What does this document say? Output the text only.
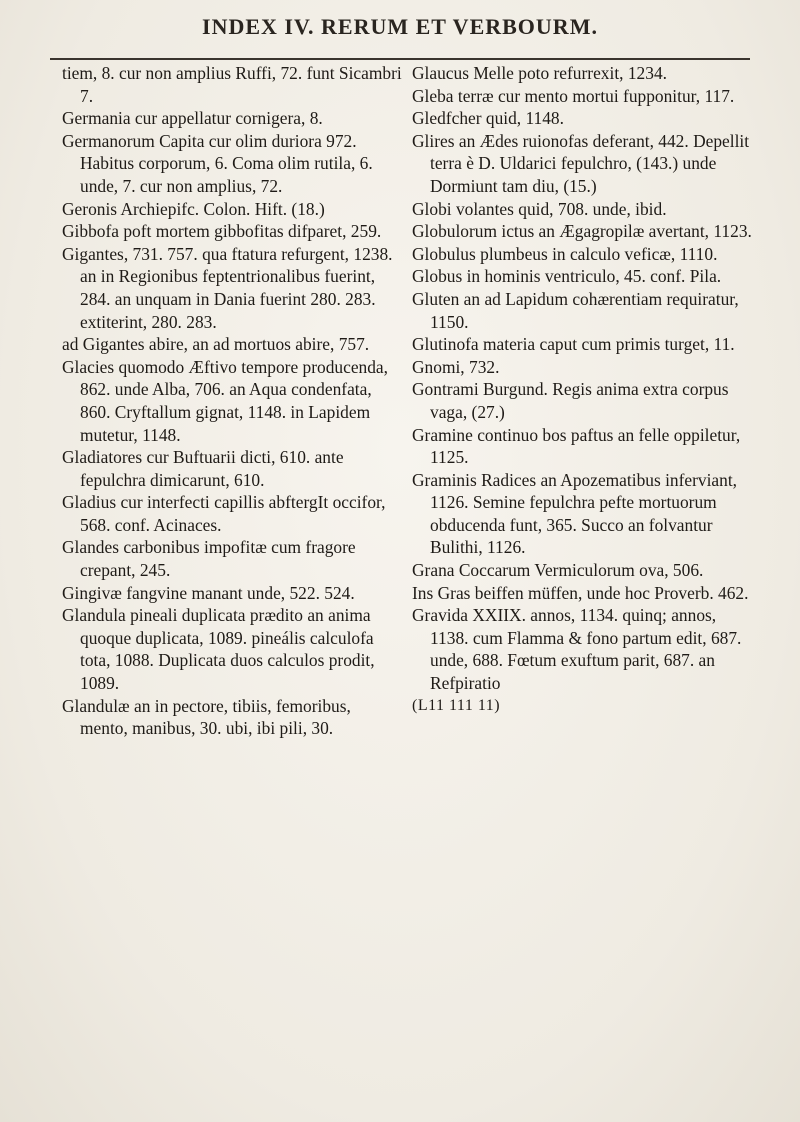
INDEX IV. RERUM ET VERBOURM.

tiem, 8. cur non amplius Ruffi, 72. funt Sicambri 7.

Germania cur appellatur cornigera, 8.

Germanorum Capita cur olim duriora 972. Habitus corporum, 6. Coma olim rutila, 6. unde, 7. cur non amplius, 72.

Geronis Archiepifc. Colon. Hift. (18.)

Gibbofa poft mortem gibbofitas difparet, 259.

Gigantes, 731. 757. qua ftatura refurgent, 1238. an in Regionibus feptentrionalibus fuerint, 284. an unquam in Dania fuerint 280. 283. extiterint, 280. 283.

ad Gigantes abire, an ad mortuos abire, 757.

Glacies quomodo Æftivo tempore producenda, 862. unde Alba, 706. an Aqua condenfata, 860. Cryftallum gignat, 1148. in Lapidem mutetur, 1148.

Gladiatores cur Buftuarii dicti, 610. ante fepulchra dimicarunt, 610.

Gladius cur interfecti capillis abftergIt occifor, 568. conf. Acinaces.

Glandes carbonibus impofitæ cum fragore crepant, 245.

Gingivæ fangvine manant unde, 522. 524.

Glandula pineali duplicata prædito an anima quoque duplicata, 1089. pineális calculofa tota, 1088. Duplicata duos calculos prodit, 1089.

Glandulæ an in pectore, tibiis, femoribus, mento, manibus, 30. ubi, ibi pili, 30.

Glaucus Melle poto refurrexit, 1234.

Gleba terræ cur mento mortui fupponitur, 117.

Gledfcher quid, 1148.

Glires an Ædes ruionofas deferant, 442. Depellit terra è D. Uldarici fepulchro, (143.) unde Dormiunt tam diu, (15.)

Globi volantes quid, 708. unde, ibid.

Globulorum ictus an Ægagropilæ avertant, 1123.

Globulus plumbeus in calculo veficæ, 1110.

Globus in hominis ventriculo, 45. conf. Pila.

Gluten an ad Lapidum cohærentiam requiratur, 1150.

Glutinofa materia caput cum primis turget, 11.

Gnomi, 732.

Gontrami Burgund. Regis anima extra corpus vaga, (27.)

Gramine continuo bos paftus an felle oppiletur, 1125.

Graminis Radices an Apozematibus inferviant, 1126. Semine fepulchra pefte mortuorum obducenda funt, 365. Succo an folvantur Bulithi, 1126.

Grana Coccarum Vermiculorum ova, 506.

Ins Gras beiffen müffen, unde hoc Proverb. 462.

Gravida XXIIX. annos, 1134. quinq; annos, 1138. cum Flamma & fono partum edit, 687. unde, 688. Fœtum exuftum parit, 687. an Refpiratio

(L11 111 11)
